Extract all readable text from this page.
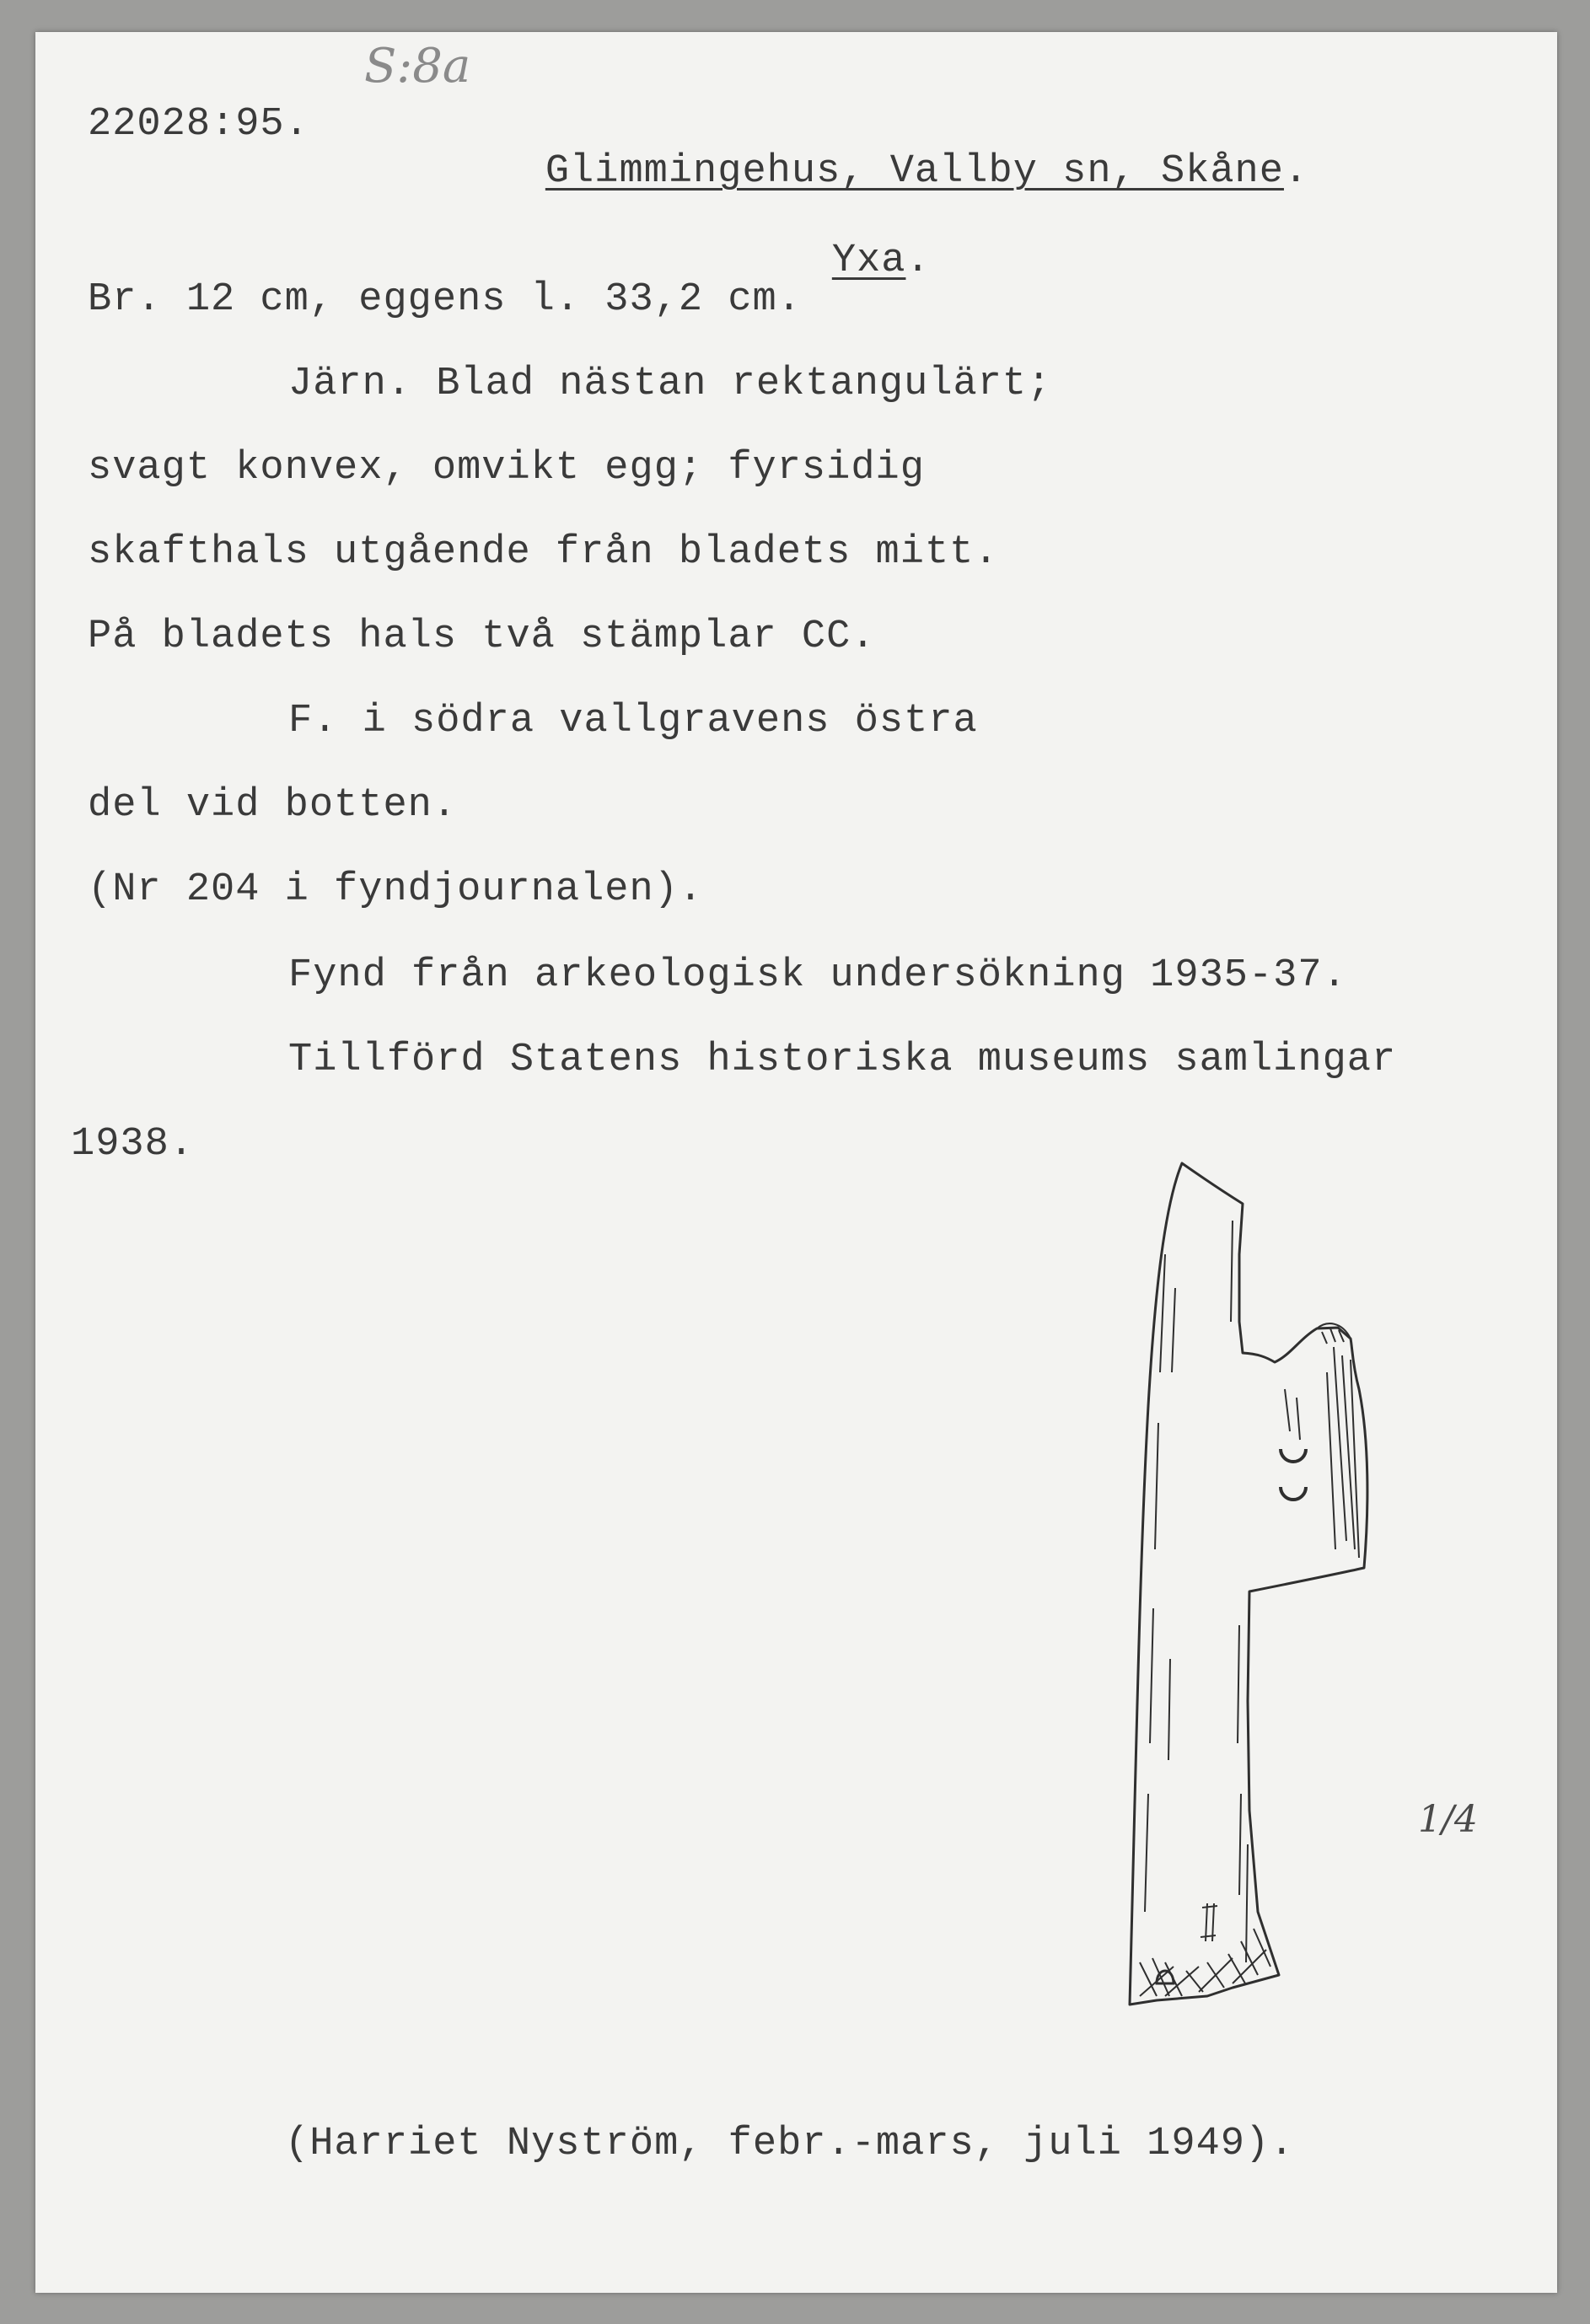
S:8a
22028:95.

Glimmingehus, Vallby sn, Skåne.

Yxa.

Br. 12 cm, eggens l. 33,2 cm.
Järn. Blad nästan rektangulärt;
svagt konvex, omvikt egg; fyrsidig
skafthals utgående från bladets mitt.
På bladets hals två stämplar CC.
F. i södra vallgravens östra
del vid botten.
(Nr 204 i fyndjournalen).
Fynd från arkeologisk undersökning 1935-37.
Tillförd Statens historiska museums samlingar
1938.
1/4
(Harriet Nyström, febr.-mars, juli 1949).
